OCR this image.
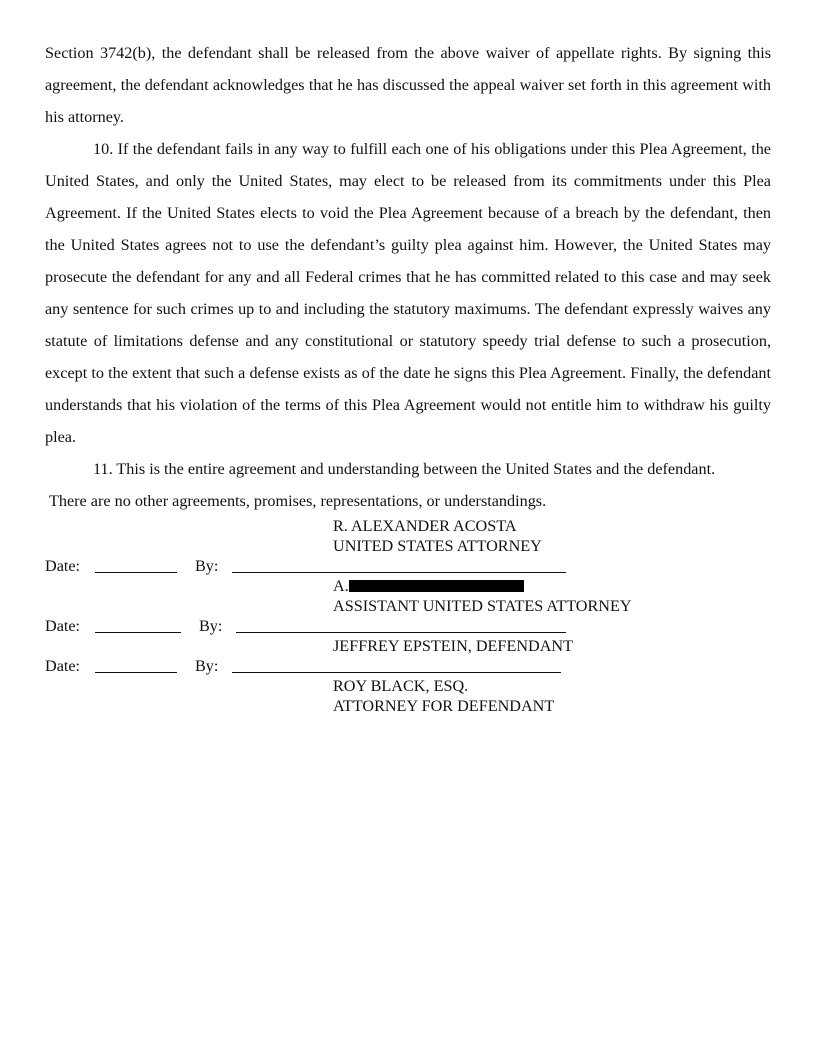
Section 3742(b), the defendant shall be released from the above waiver of appellate rights. By signing this agreement, the defendant acknowledges that he has discussed the appeal waiver set forth in this agreement with his attorney.

10. If the defendant fails in any way to fulfill each one of his obligations under this Plea Agreement, the United States, and only the United States, may elect to be released from its commitments under this Plea Agreement. If the United States elects to void the Plea Agreement because of a breach by the defendant, then the United States agrees not to use the defendant’s guilty plea against him. However, the United States may prosecute the defendant for any and all Federal crimes that he has committed related to this case and may seek any sentence for such crimes up to and including the statutory maximums. The defendant expressly waives any statute of limitations defense and any constitutional or statutory speedy trial defense to such a prosecution, except to the extent that such a defense exists as of the date he signs this Plea Agreement. Finally, the defendant understands that his violation of the terms of this Plea Agreement would not entitle him to withdraw his guilty plea.

11. This is the entire agreement and understanding between the United States and the defendant.

There are no other agreements, promises, representations, or understandings.

R. ALEXANDER ACOSTA
UNITED STATES ATTORNEY
Date:	By:
A.
ASSISTANT UNITED STATES ATTORNEY
Date:	By:
JEFFREY EPSTEIN, DEFENDANT
Date:	By:
ROY BLACK, ESQ.
ATTORNEY FOR DEFENDANT
